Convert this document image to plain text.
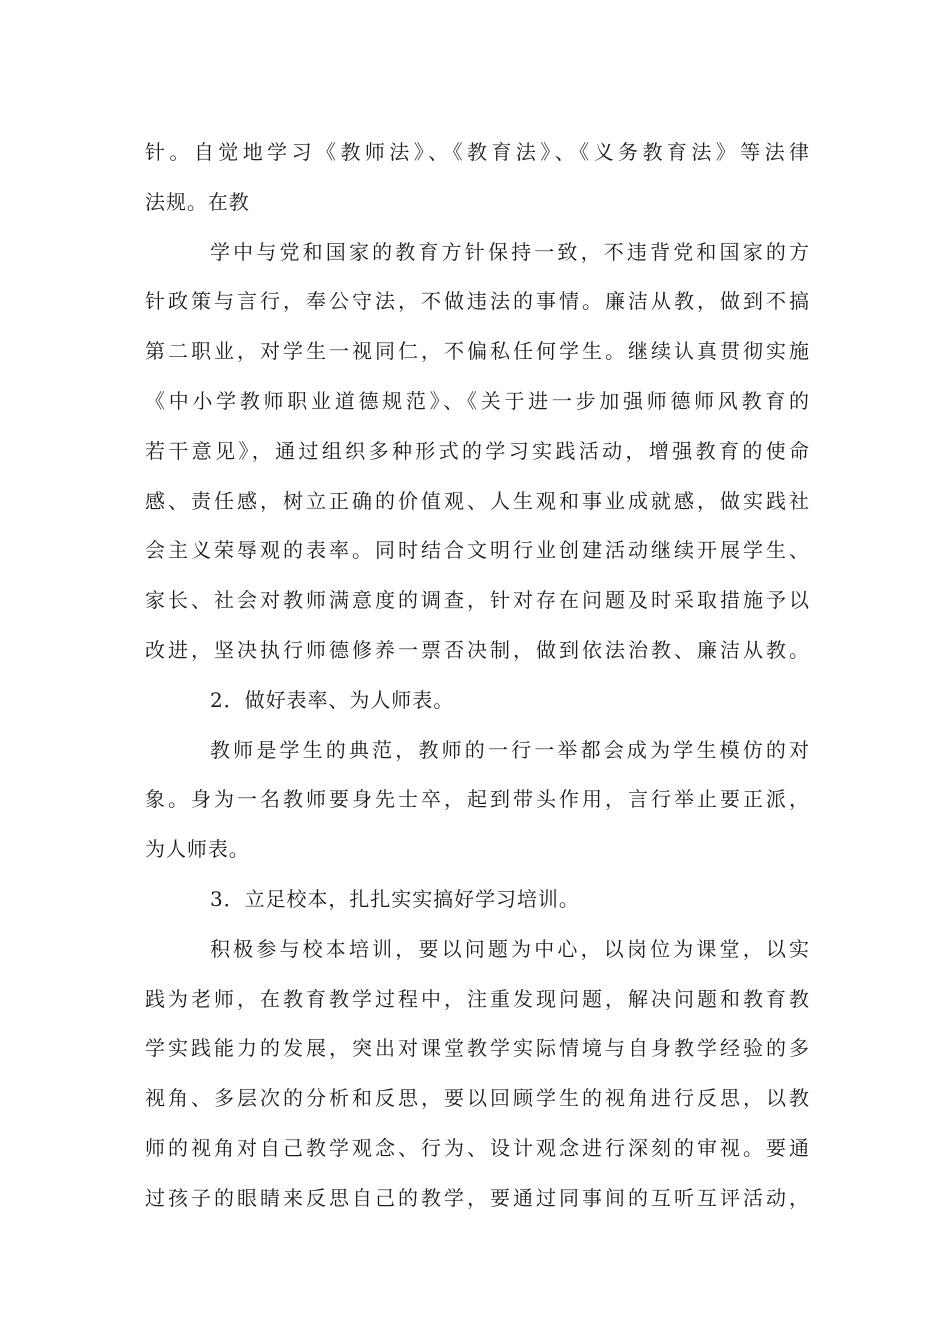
针。自觉地学习《教师法》、《教育法》、《义务教育法》等法律
法规。在教
学中与党和国家的教育方针保持一致，不违背党和国家的方
针政策与言行，奉公守法，不做违法的事情。廉洁从教，做到不搞
第二职业，对学生一视同仁，不偏私任何学生。继续认真贯彻实施
《中小学教师职业道德规范》、《关于进一步加强师德师风教育的
若干意见》，通过组织多种形式的学习实践活动，增强教育的使命
感、责任感，树立正确的价值观、人生观和事业成就感，做实践社
会主义荣辱观的表率。同时结合文明行业创建活动继续开展学生、
家长、社会对教师满意度的调查，针对存在问题及时采取措施予以
改进，坚决执行师德修养一票否决制，做到依法治教、廉洁从教。
2．做好表率、为人师表。
教师是学生的典范，教师的一行一举都会成为学生模仿的对
象。身为一名教师要身先士卒，起到带头作用，言行举止要正派，
为人师表。
3．立足校本，扎扎实实搞好学习培训。
积极参与校本培训，要以问题为中心，以岗位为课堂，以实
践为老师，在教育教学过程中，注重发现问题，解决问题和教育教
学实践能力的发展，突出对课堂教学实际情境与自身教学经验的多
视角、多层次的分析和反思，要以回顾学生的视角进行反思，以教
师的视角对自己教学观念、行为、设计观念进行深刻的审视。要通
过孩子的眼睛来反思自己的教学，要通过同事间的互听互评活动，
